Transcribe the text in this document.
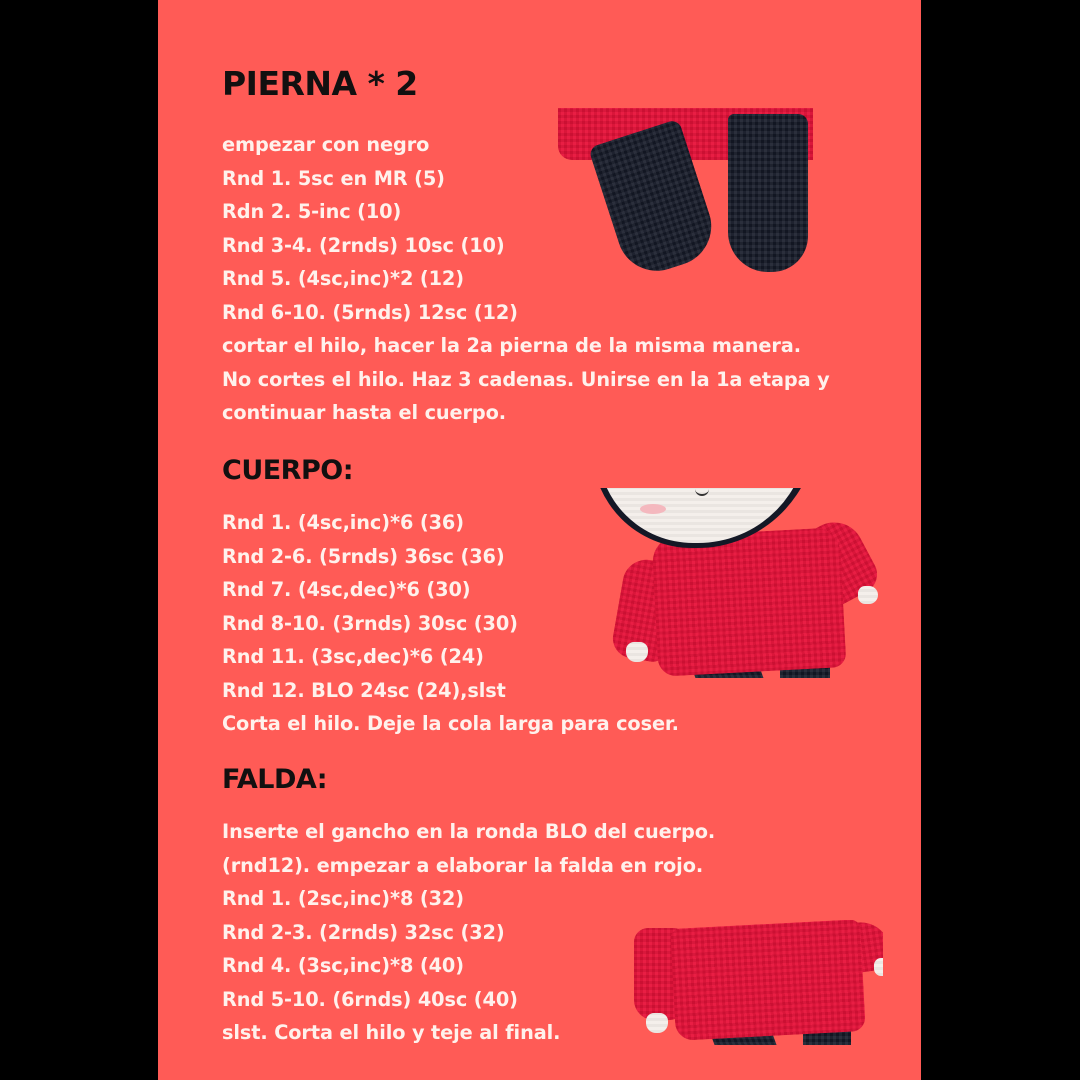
PIERNA * 2
empezar con negro
Rnd 1. 5sc en MR (5)
Rdn 2. 5-inc (10)
Rnd 3-4. (2rnds) 10sc (10)
Rnd 5. (4sc,inc)*2 (12)
Rnd 6-10. (5rnds) 12sc (12)
cortar el hilo, hacer la 2a pierna de la misma manera.
No cortes el hilo. Haz 3 cadenas. Unirse en la 1a etapa y
continuar hasta el cuerpo.
CUERPO:
Rnd 1. (4sc,inc)*6 (36)
Rnd 2-6. (5rnds) 36sc (36)
Rnd 7. (4sc,dec)*6 (30)
Rnd 8-10. (3rnds) 30sc (30)
Rnd 11. (3sc,dec)*6 (24)
Rnd 12. BLO 24sc (24),slst
Corta el hilo. Deje la cola larga para coser.
FALDA:
Inserte el gancho en la ronda BLO del cuerpo.
(rnd12). empezar a elaborar la falda en rojo.
Rnd 1. (2sc,inc)*8 (32)
Rnd 2-3. (2rnds) 32sc (32)
Rnd 4. (3sc,inc)*8 (40)
Rnd 5-10. (6rnds) 40sc (40)
slst. Corta el hilo y teje al final.
